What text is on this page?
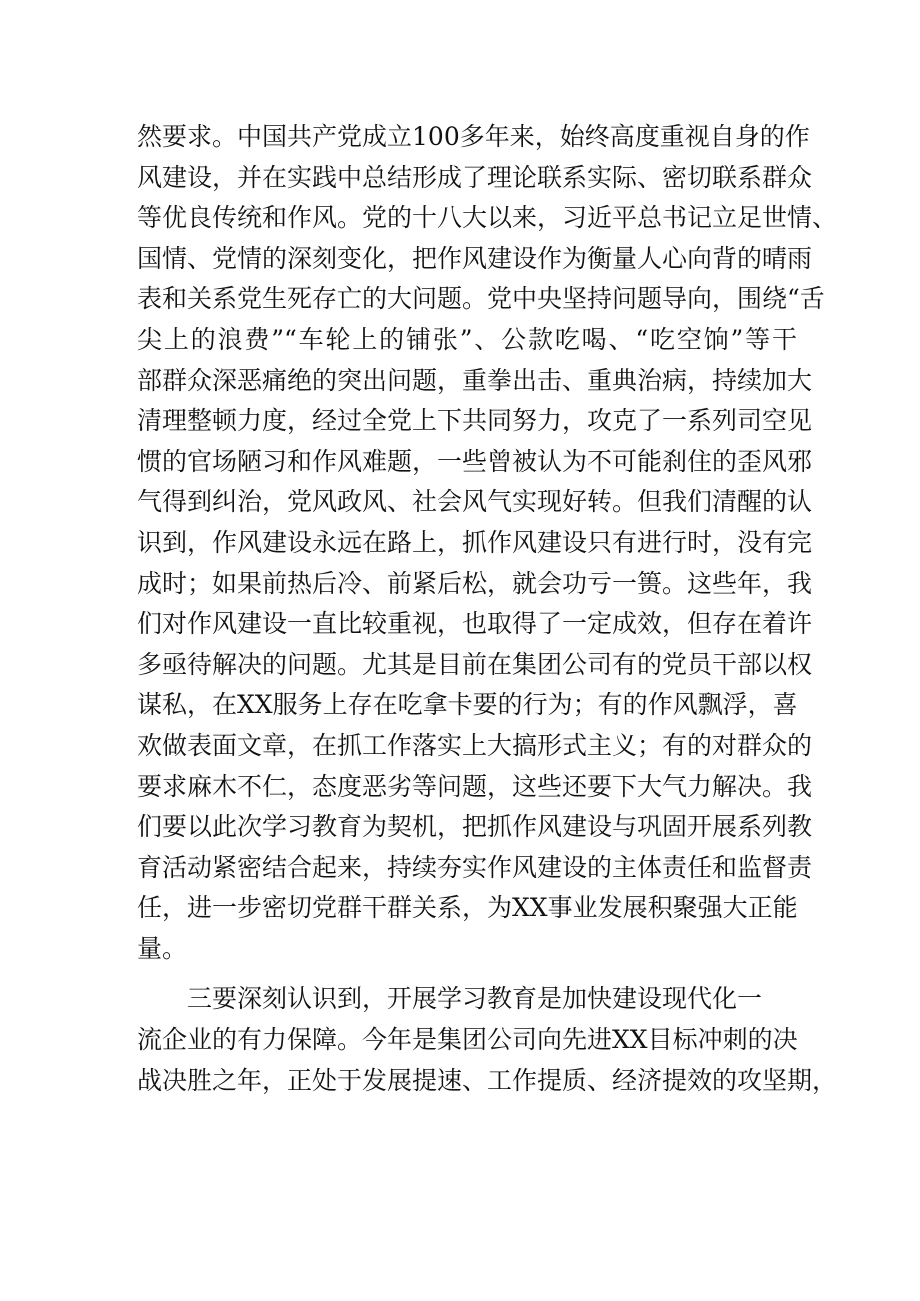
然要求。中国共产党成立100多年来，始终高度重视自身的作
风建设，并在实践中总结形成了理论联系实际、密切联系群众
等优良传统和作风。党的十八大以来，习近平总书记立足世情、
国情、党情的深刻变化，把作风建设作为衡量人心向背的晴雨
表和关系党生死存亡的大问题。党中央坚持问题导向，围绕“舌
尖上的浪费”“车轮上的铺张”、公款吃喝、“吃空饷”等干
部群众深恶痛绝的突出问题，重拳出击、重典治病，持续加大
清理整顿力度，经过全党上下共同努力，攻克了一系列司空见
惯的官场陋习和作风难题，一些曾被认为不可能刹住的歪风邪
气得到纠治，党风政风、社会风气实现好转。但我们清醒的认
识到，作风建设永远在路上，抓作风建设只有进行时，没有完
成时；如果前热后冷、前紧后松，就会功亏一篑。这些年，我
们对作风建设一直比较重视，也取得了一定成效，但存在着许
多亟待解决的问题。尤其是目前在集团公司有的党员干部以权
谋私，在XX服务上存在吃拿卡要的行为；有的作风飘浮，喜
欢做表面文章，在抓工作落实上大搞形式主义；有的对群众的
要求麻木不仁，态度恶劣等问题，这些还要下大气力解决。我
们要以此次学习教育为契机，把抓作风建设与巩固开展系列教
育活动紧密结合起来，持续夯实作风建设的主体责任和监督责
任，进一步密切党群干群关系，为XX事业发展积聚强大正能
量。
三要深刻认识到，开展学习教育是加快建设现代化一
流企业的有力保障。今年是集团公司向先进XX目标冲刺的决
战决胜之年，正处于发展提速、工作提质、经济提效的攻坚期，
